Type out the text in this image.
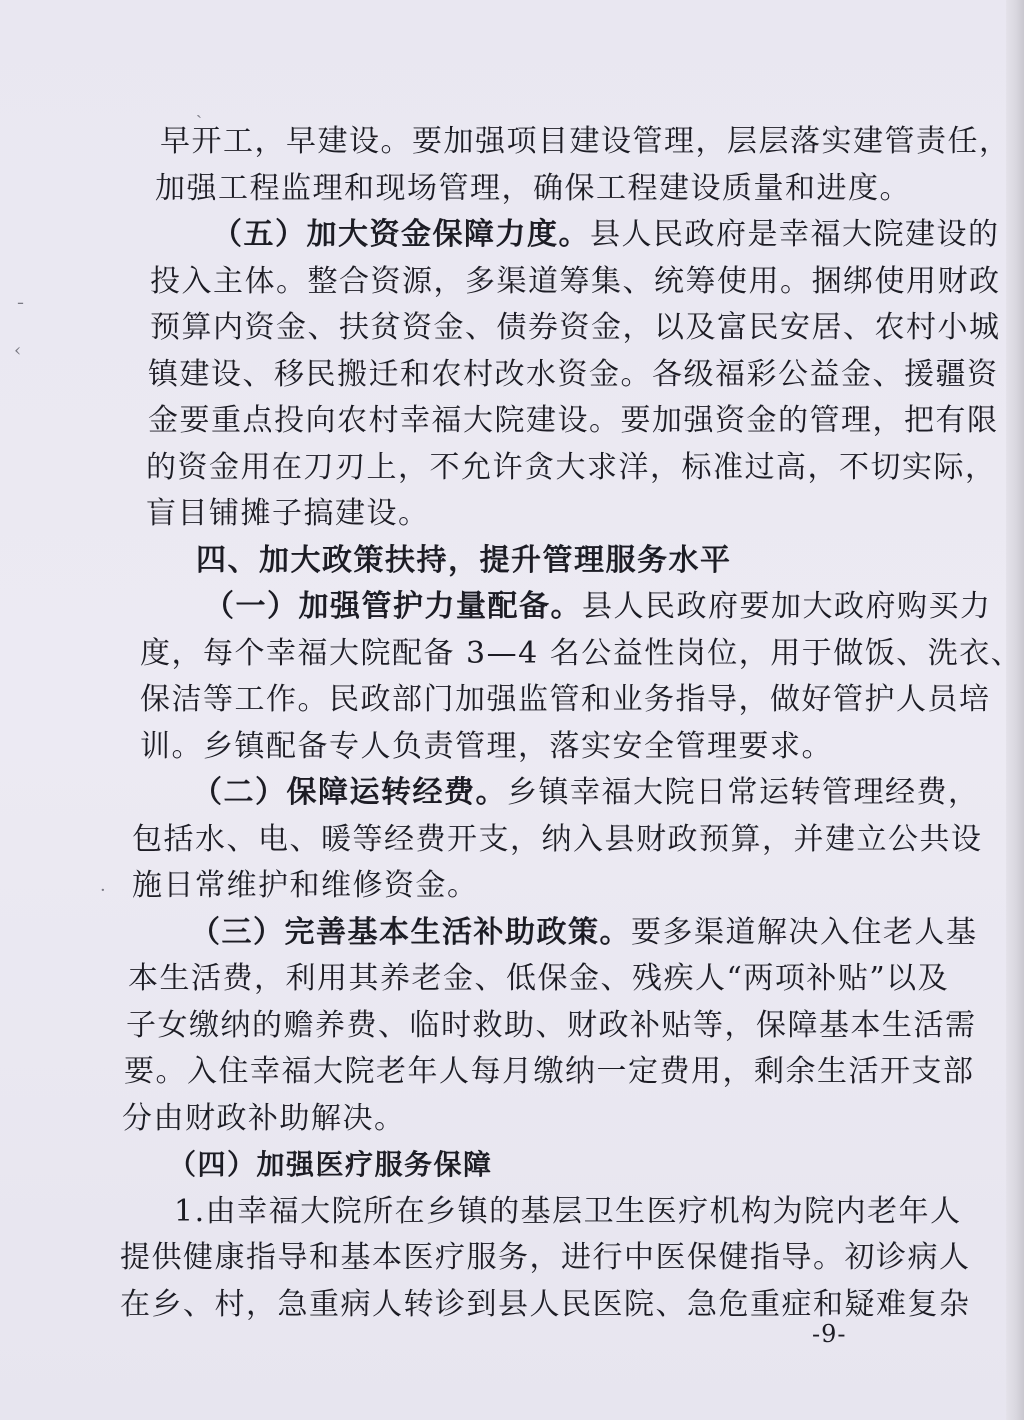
ˏ
ˉ
‹
·

早开工，早建设。要加强项目建设管理，层层落实建管责任，

加强工程监理和现场管理，确保工程建设质量和进度。

（五）加大资金保障力度。县人民政府是幸福大院建设的

投入主体。整合资源，多渠道筹集、统筹使用。捆绑使用财政

预算内资金、扶贫资金、债券资金，以及富民安居、农村小城

镇建设、移民搬迁和农村改水资金。各级福彩公益金、援疆资

金要重点投向农村幸福大院建设。要加强资金的管理，把有限

的资金用在刀刃上，不允许贪大求洋，标准过高，不切实际，

盲目铺摊子搞建设。

四、加大政策扶持，提升管理服务水平

（一）加强管护力量配备。县人民政府要加大政府购买力

度，每个幸福大院配备 3—4 名公益性岗位，用于做饭、洗衣、

保洁等工作。民政部门加强监管和业务指导，做好管护人员培

训。乡镇配备专人负责管理，落实安全管理要求。

（二）保障运转经费。乡镇幸福大院日常运转管理经费，

包括水、电、暖等经费开支，纳入县财政预算，并建立公共设

施日常维护和维修资金。

（三）完善基本生活补助政策。要多渠道解决入住老人基

本生活费，利用其养老金、低保金、残疾人“两项补贴”以及

子女缴纳的赡养费、临时救助、财政补贴等，保障基本生活需

要。入住幸福大院老年人每月缴纳一定费用，剩余生活开支部

分由财政补助解决。

（四）加强医疗服务保障

1.由幸福大院所在乡镇的基层卫生医疗机构为院内老年人

-9-

提供健康指导和基本医疗服务，进行中医保健指导。初诊病人

在乡、村，急重病人转诊到县人民医院、急危重症和疑难复杂
